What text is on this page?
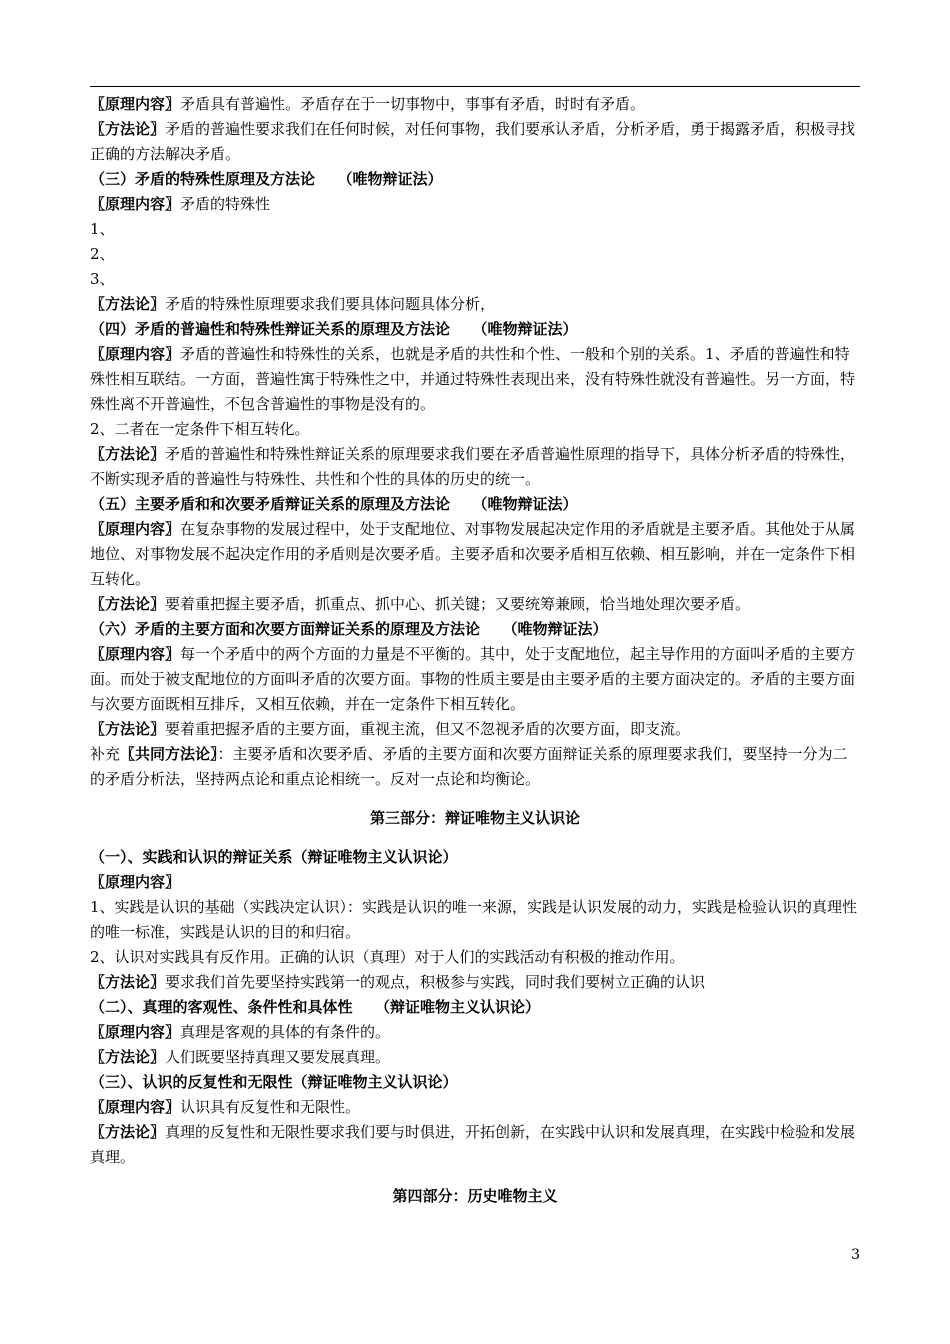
〖原理内容〗矛盾具有普遍性。矛盾存在于一切事物中，事事有矛盾，时时有矛盾。

〖方法论〗矛盾的普遍性要求我们在任何时候，对任何事物，我们要承认矛盾，分析矛盾，勇于揭露矛盾，积极寻找正确的方法解决矛盾。

（三）矛盾的特殊性原理及方法论　　（唯物辩证法）

〖原理内容〗矛盾的特殊性

1、

2、

3、

〖方法论〗矛盾的特殊性原理要求我们要具体问题具体分析，

（四）矛盾的普遍性和特殊性辩证关系的原理及方法论　　（唯物辩证法）

〖原理内容〗矛盾的普遍性和特殊性的关系，也就是矛盾的共性和个性、一般和个别的关系。1、矛盾的普遍性和特殊性相互联结。一方面，普遍性寓于特殊性之中，并通过特殊性表现出来，没有特殊性就没有普遍性。另一方面，特殊性离不开普遍性，不包含普遍性的事物是没有的。

2、二者在一定条件下相互转化。

〖方法论〗矛盾的普遍性和特殊性辩证关系的原理要求我们要在矛盾普遍性原理的指导下，具体分析矛盾的特殊性，不断实现矛盾的普遍性与特殊性、共性和个性的具体的历史的统一。

（五）主要矛盾和和次要矛盾辩证关系的原理及方法论　　（唯物辩证法）

〖原理内容〗在复杂事物的发展过程中，处于支配地位、对事物发展起决定作用的矛盾就是主要矛盾。其他处于从属地位、对事物发展不起决定作用的矛盾则是次要矛盾。主要矛盾和次要矛盾相互依赖、相互影响，并在一定条件下相互转化。

〖方法论〗要着重把握主要矛盾，抓重点、抓中心、抓关键；又要统筹兼顾，恰当地处理次要矛盾。

（六）矛盾的主要方面和次要方面辩证关系的原理及方法论　　（唯物辩证法）

〖原理内容〗每一个矛盾中的两个方面的力量是不平衡的。其中，处于支配地位，起主导作用的方面叫矛盾的主要方面。而处于被支配地位的方面叫矛盾的次要方面。事物的性质主要是由主要矛盾的主要方面决定的。矛盾的主要方面与次要方面既相互排斥，又相互依赖，并在一定条件下相互转化。

〖方法论〗要着重把握矛盾的主要方面，重视主流，但又不忽视矛盾的次要方面，即支流。

补充〖共同方法论〗：主要矛盾和次要矛盾、矛盾的主要方面和次要方面辩证关系的原理要求我们，要坚持一分为二的矛盾分析法，坚持两点论和重点论相统一。反对一点论和均衡论。

第三部分：辩证唯物主义认识论

（一）、实践和认识的辩证关系（辩证唯物主义认识论）

〖原理内容〗

1、实践是认识的基础（实践决定认识）：实践是认识的唯一来源，实践是认识发展的动力，实践是检验认识的真理性的唯一标准，实践是认识的目的和归宿。

2、认识对实践具有反作用。正确的认识（真理）对于人们的实践活动有积极的推动作用。

〖方法论〗要求我们首先要坚持实践第一的观点，积极参与实践，同时我们要树立正确的认识

（二）、真理的客观性、条件性和具体性　　（辩证唯物主义认识论）

〖原理内容〗真理是客观的具体的有条件的。

〖方法论〗人们既要坚持真理又要发展真理。

（三）、认识的反复性和无限性（辩证唯物主义认识论）

〖原理内容〗认识具有反复性和无限性。

〖方法论〗真理的反复性和无限性要求我们要与时俱进，开拓创新，在实践中认识和发展真理，在实践中检验和发展真理。

第四部分：历史唯物主义

3
